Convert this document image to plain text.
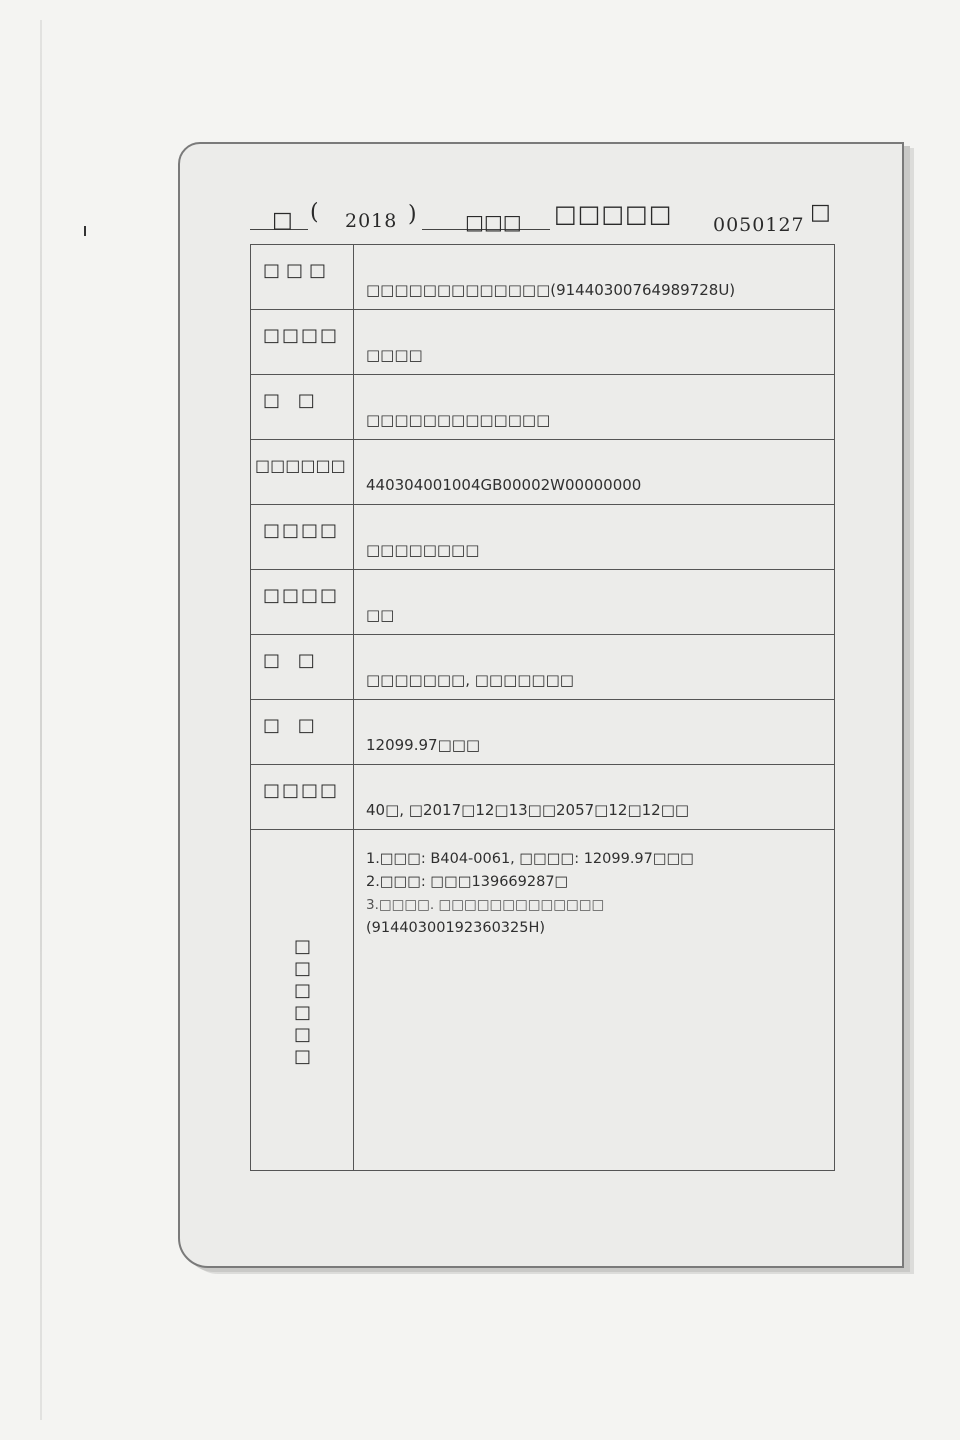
□ ( 2018 ) □□□ □□□□□ 0050127 □
□□□	□□□□□□□□□□□□□(91440300764989728U)

□□□□	□□□□

□ □	□□□□□□□□□□□□□

□□□□□□	440304001004GB00002W00000000

□□□□	□□□□□□□□

□□□□	□□

□ □	□□□□□□□, □□□□□□□

□ □	12099.97□□□

□□□□	40□, □2017□12□13□□2057□12□12□□
□□□□□□	1.□□□: B404-0061, □□□□: 12099.97□□□
2.□□□: □□□139669287□
3.□□□□. □□□□□□□□□□□□□
(91440300192360325H)
